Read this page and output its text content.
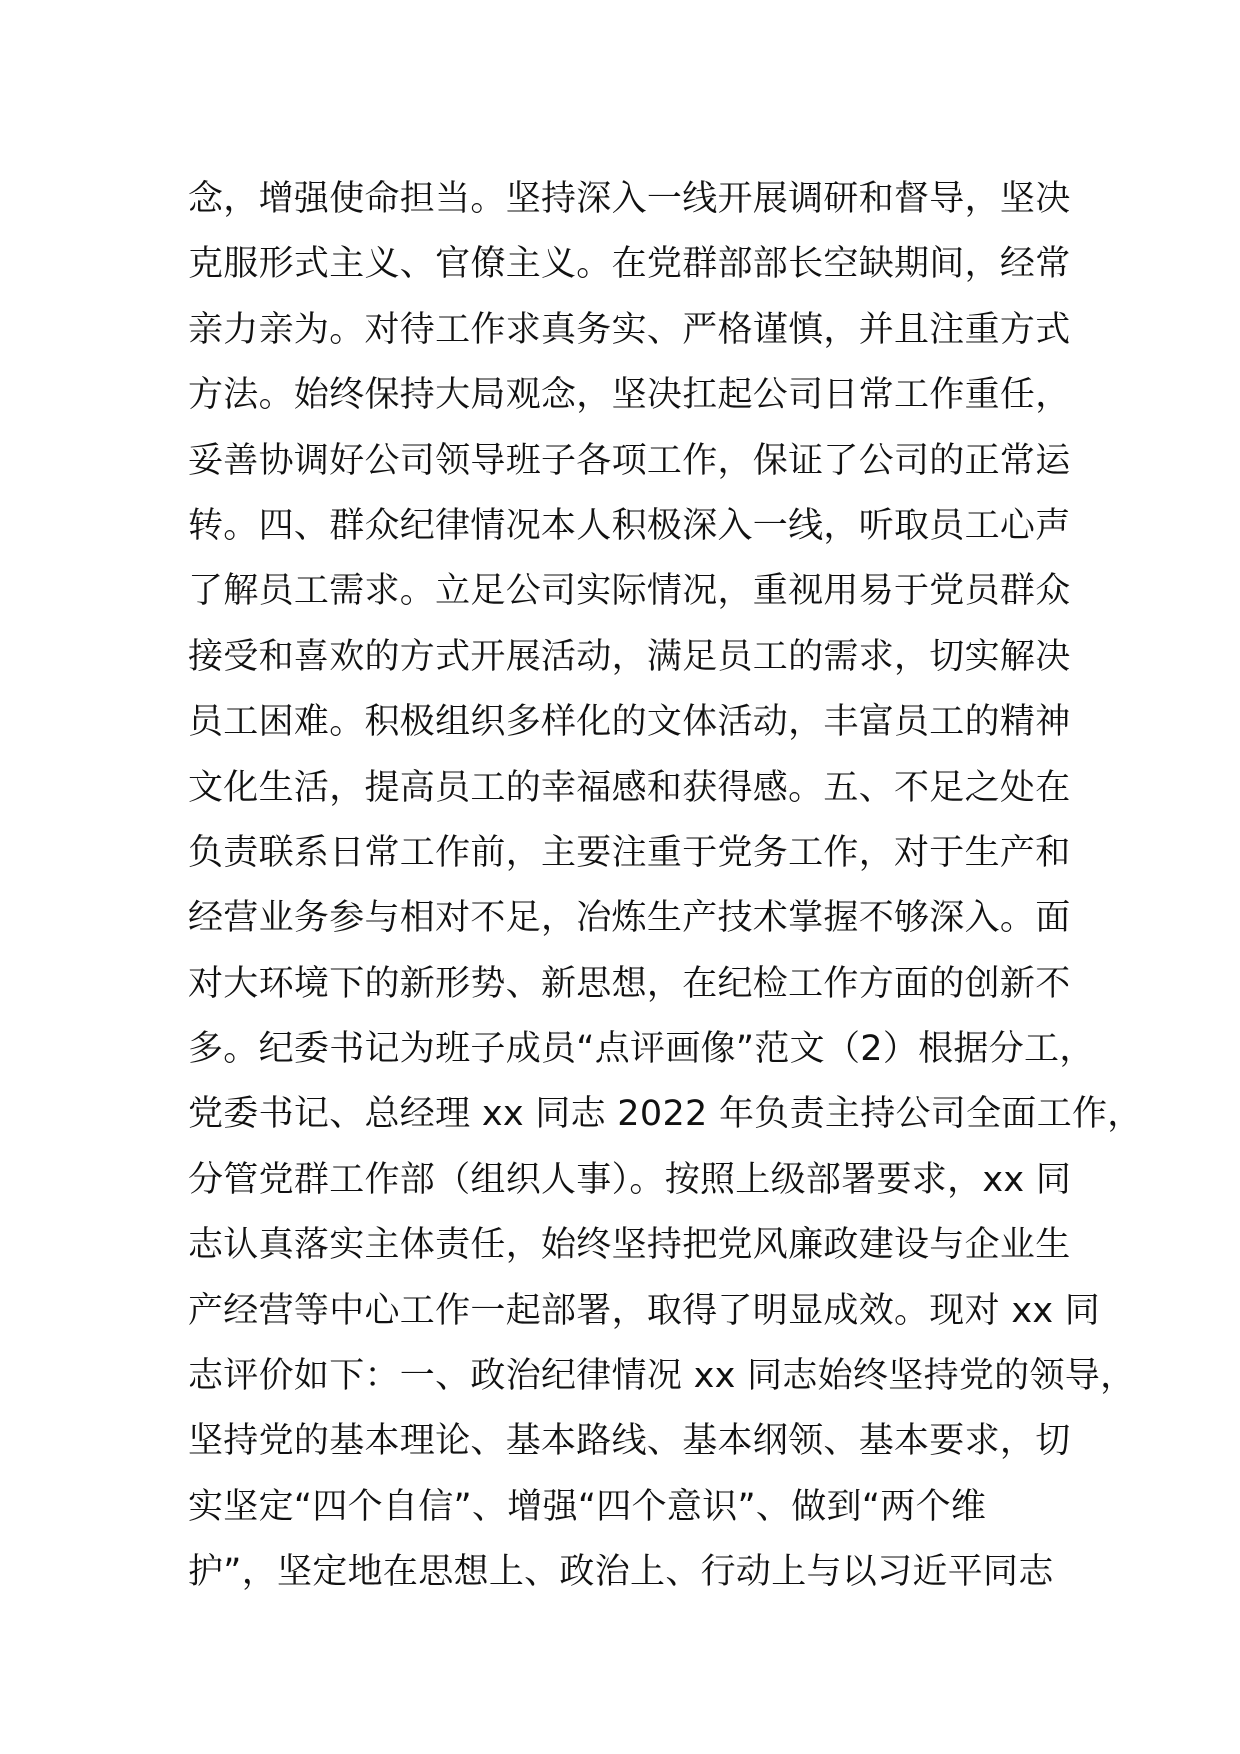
念，增强使命担当。坚持深入一线开展调研和督导，坚决
克服形式主义、官僚主义。在党群部部长空缺期间，经常
亲力亲为。对待工作求真务实、严格谨慎，并且注重方式
方法。始终保持大局观念，坚决扛起公司日常工作重任，
妥善协调好公司领导班子各项工作，保证了公司的正常运
转。四、群众纪律情况本人积极深入一线，听取员工心声
了解员工需求。立足公司实际情况，重视用易于党员群众
接受和喜欢的方式开展活动，满足员工的需求，切实解决
员工困难。积极组织多样化的文体活动，丰富员工的精神
文化生活，提高员工的幸福感和获得感。五、不足之处在
负责联系日常工作前，主要注重于党务工作，对于生产和
经营业务参与相对不足，冶炼生产技术掌握不够深入。面
对大环境下的新形势、新思想，在纪检工作方面的创新不
多。纪委书记为班子成员“点评画像”范文（2）根据分工，
党委书记、总经理 xx 同志 2022 年负责主持公司全面工作，
分管党群工作部（组织人事）。按照上级部署要求，xx 同
志认真落实主体责任，始终坚持把党风廉政建设与企业生
产经营等中心工作一起部署，取得了明显成效。现对 xx 同
志评价如下：一、政治纪律情况 xx 同志始终坚持党的领导，
坚持党的基本理论、基本路线、基本纲领、基本要求，切
实坚定“四个自信”、增强“四个意识”、做到“两个维
护”，坚定地在思想上、政治上、行动上与以习近平同志
